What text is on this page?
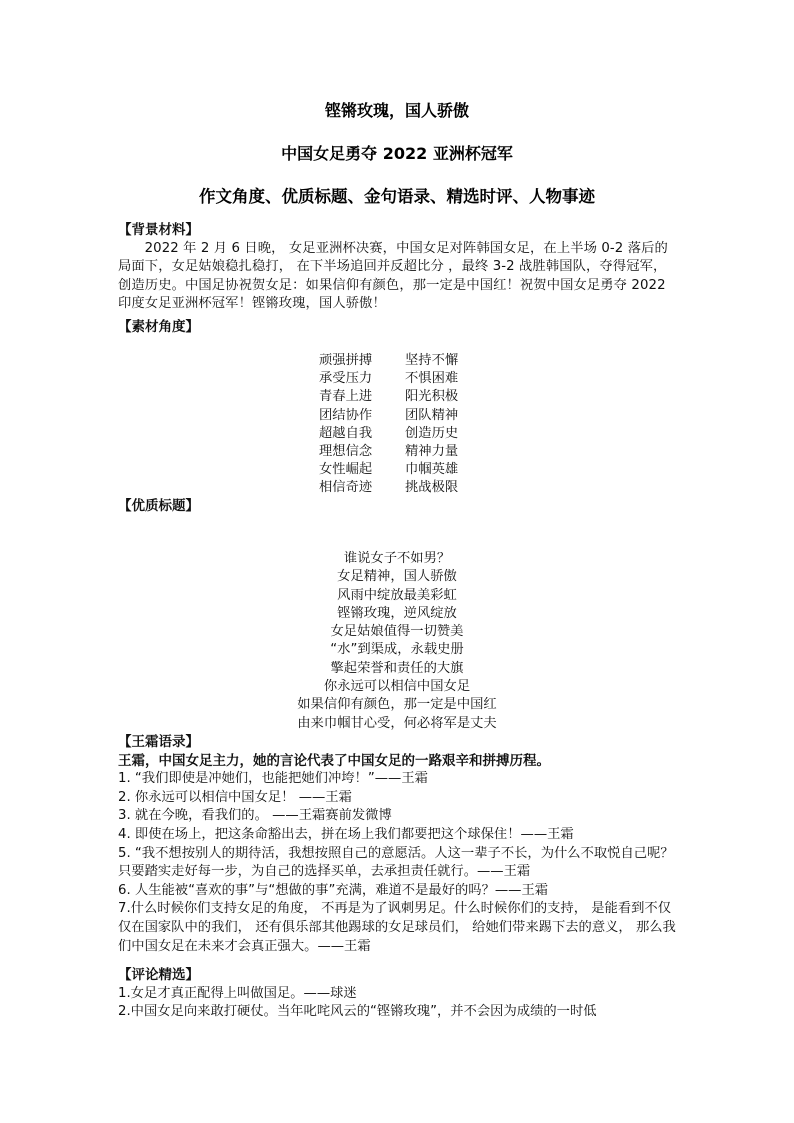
铿锵玫瑰，国人骄傲
中国女足勇夺 2022 亚洲杯冠军
作文角度、优质标题、金句语录、精选时评、人物事迹
【背景材料】
2022 年 2 月 6 日晚， 女足亚洲杯决赛，中国女足对阵韩国女足，在上半场 0-2 落后的局面下，女足姑娘稳扎稳打， 在下半场追回并反超比分 ，最终 3-2 战胜韩国队，夺得冠军，创造历史。中国足协祝贺女足：如果信仰有颜色，那一定是中国红！祝贺中国女足勇夺 2022 印度女足亚洲杯冠军！铿锵玫瑰，国人骄傲！
【素材角度】
顽强拼搏	坚持不懈
承受压力	不惧困难
青春上进	阳光积极
团结协作	团队精神
超越自我	创造历史
理想信念	精神力量
女性崛起	巾帼英雄
相信奇迹	挑战极限
【优质标题】
谁说女子不如男？
女足精神，国人骄傲
风雨中绽放最美彩虹
铿锵玫瑰，逆风绽放
女足姑娘值得一切赞美
“水”到渠成，永载史册
擎起荣誉和责任的大旗
你永远可以相信中国女足
如果信仰有颜色，那一定是中国红
由来巾帼甘心受，何必将军是丈夫
【王霜语录】
王霜，中国女足主力，她的言论代表了中国女足的一路艰辛和拼搏历程。
1. “我们即使是冲她们，也能把她们冲垮！”——王霜
2. 你永远可以相信中国女足！ ——王霜
3. 就在今晚，看我们的。 ——王霜赛前发微博
4. 即使在场上，把这条命豁出去，拼在场上我们都要把这个球保住！——王霜
5. “我不想按别人的期待活，我想按照自己的意愿活。人这一辈子不长，为什么不取悦自己呢？只要踏实走好每一步，为自己的选择买单，去承担责任就行。——王霜
6. 人生能被“喜欢的事”与“想做的事”充满，难道不是最好的吗？——王霜
7.什么时候你们支持女足的角度， 不再是为了讽刺男足。什么时候你们的支持， 是能看到不仅仅在国家队中的我们， 还有俱乐部其他踢球的女足球员们， 给她们带来踢下去的意义， 那么我们中国女足在未来才会真正强大。——王霜
【评论精选】
1.女足才真正配得上叫做国足。——球迷
2.中国女足向来敢打硬仗。当年叱咤风云的“铿锵玫瑰”，并不会因为成绩的一时低
